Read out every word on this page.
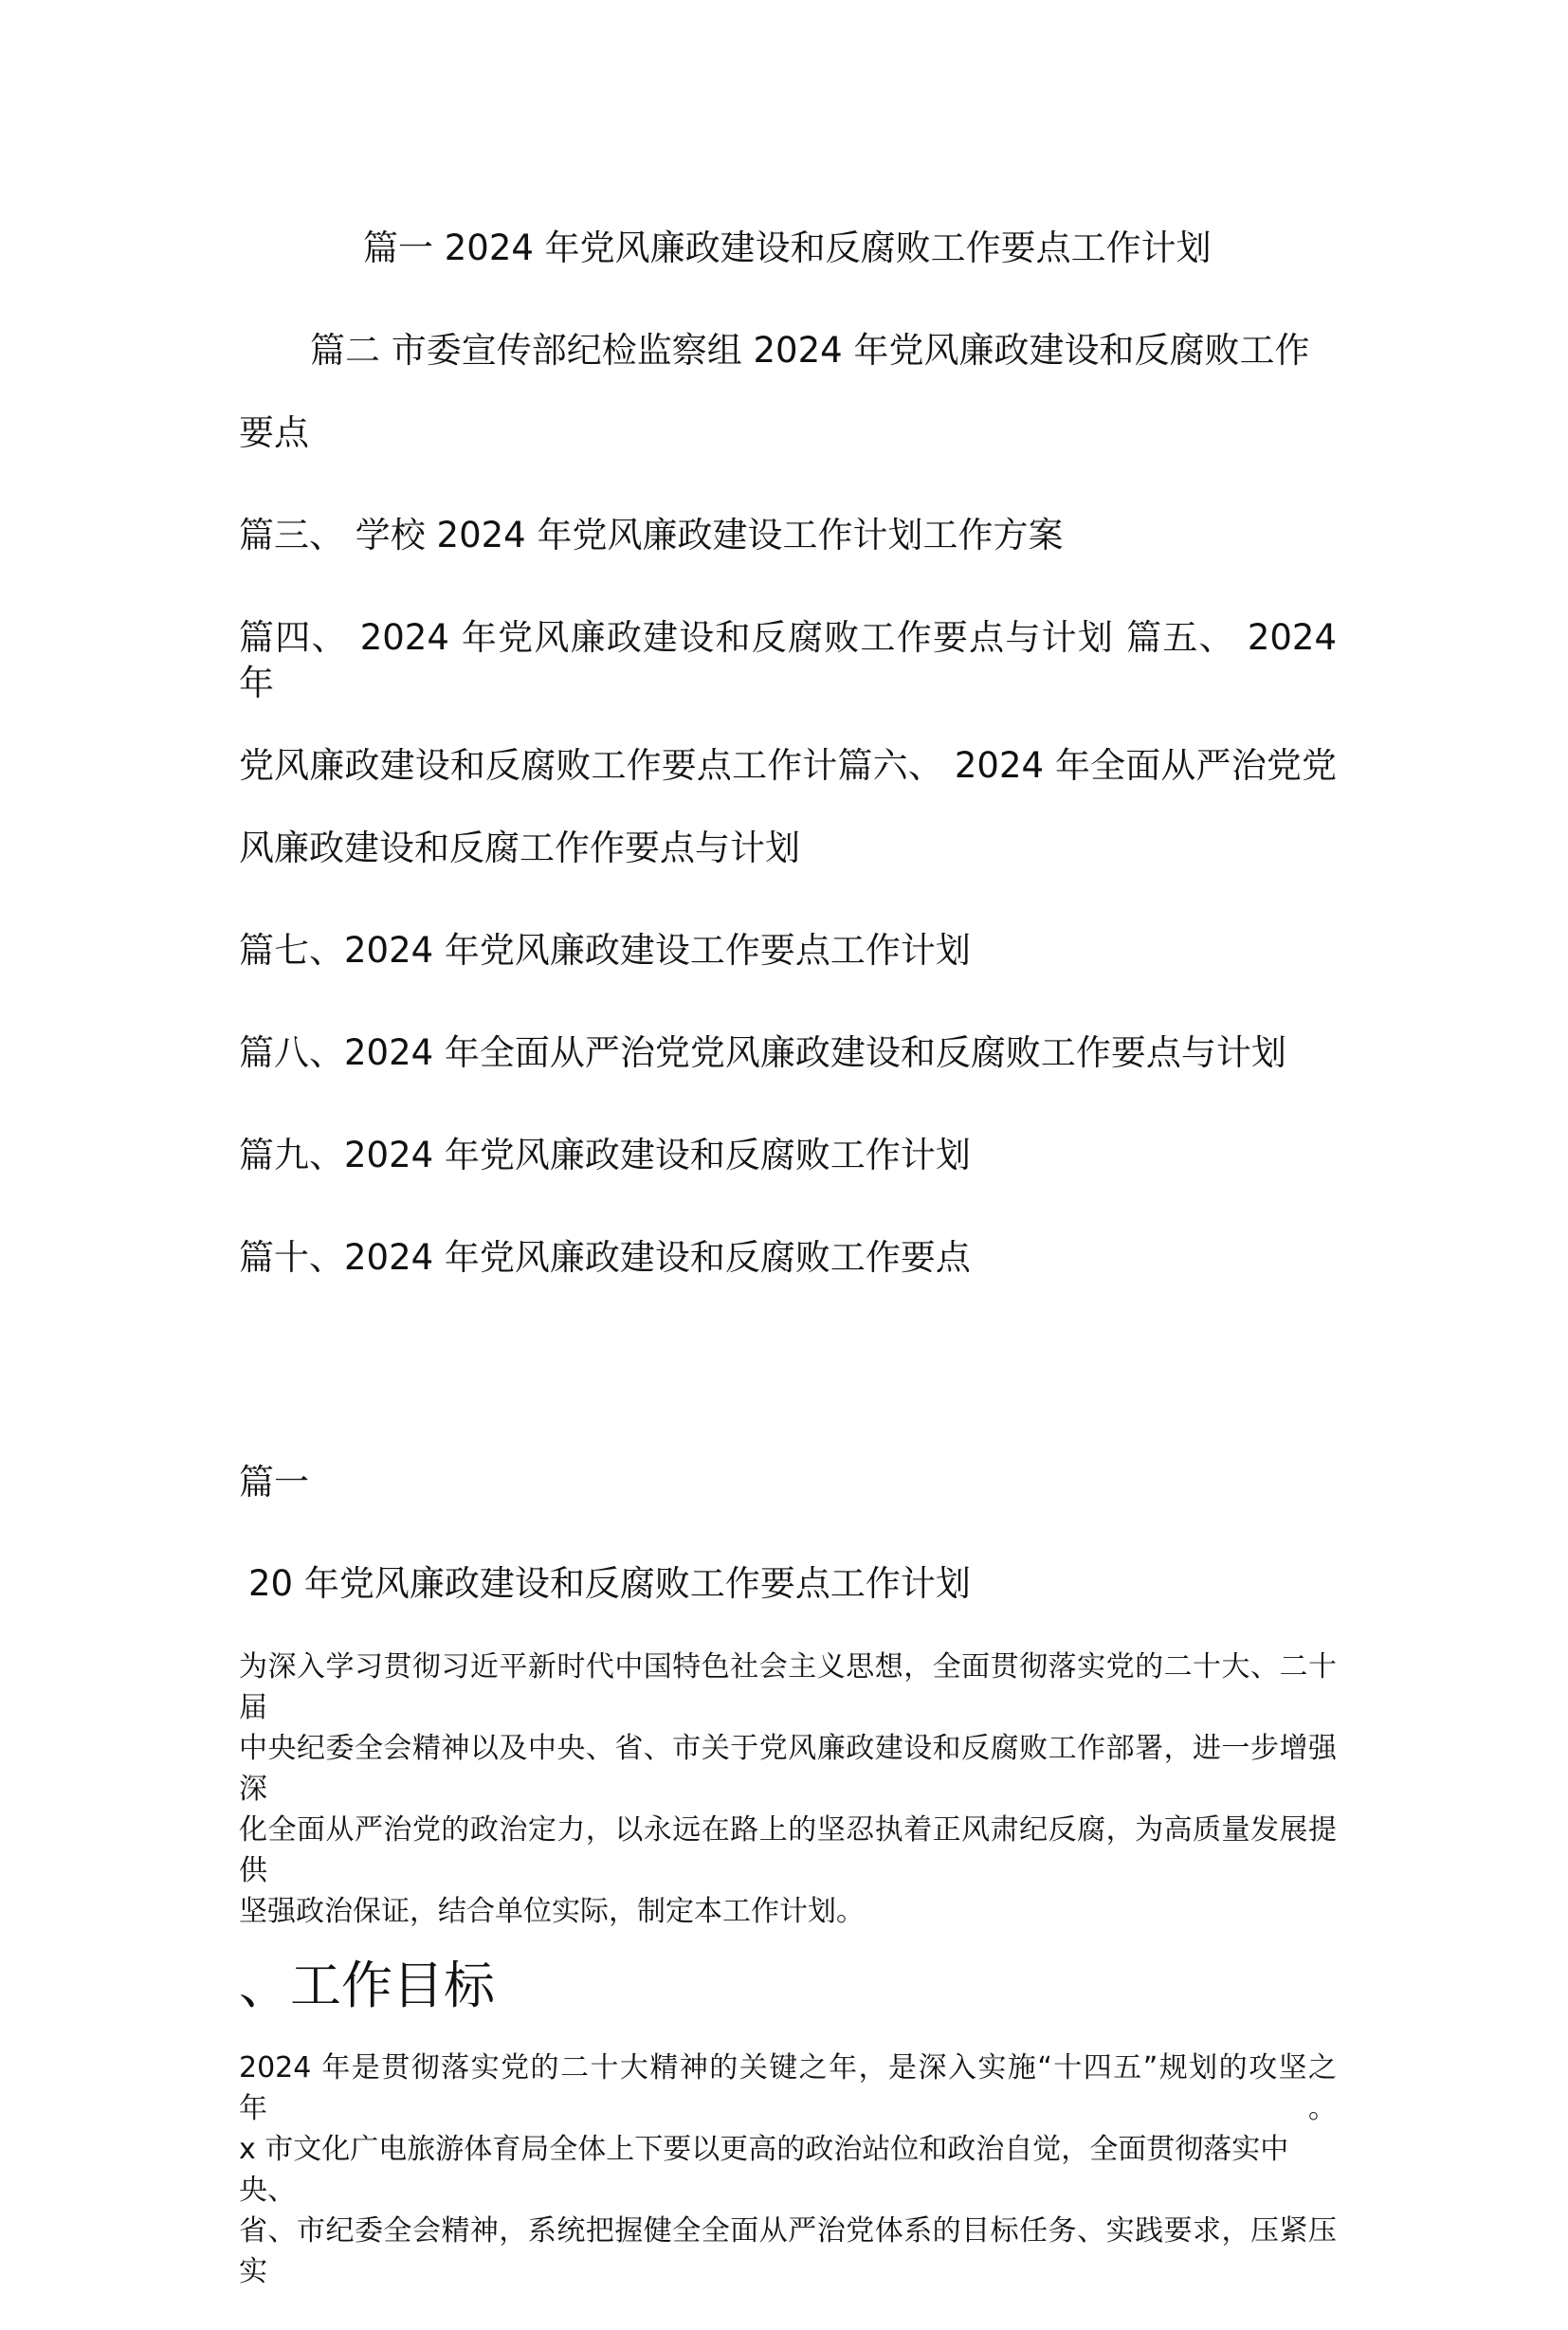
篇一 2024 年党风廉政建设和反腐败工作要点工作计划
篇二 市委宣传部纪检监察组 2024 年党风廉政建设和反腐败工作
要点
篇三、 学校 2024 年党风廉政建设工作计划工作方案
篇四、 2024 年党风廉政建设和反腐败工作要点与计划 篇五、 2024 年
党风廉政建设和反腐败工作要点工作计篇六、 2024 年全面从严治党党
风廉政建设和反腐工作作要点与计划
篇七、2024 年党风廉政建设工作要点工作计划
篇八、2024 年全面从严治党党风廉政建设和反腐败工作要点与计划
篇九、2024 年党风廉政建设和反腐败工作计划
篇十、2024 年党风廉政建设和反腐败工作要点
篇一
20 年党风廉政建设和反腐败工作要点工作计划
为深入学习贯彻习近平新时代中国特色社会主义思想，全面贯彻落实党的二十大、二十届
中央纪委全会精神以及中央、省、市关于党风廉政建设和反腐败工作部署，进一步增强深
化全面从严治党的政治定力，以永远在路上的坚忍执着正风肃纪反腐，为高质量发展提供
坚强政治保证，结合单位实际，制定本工作计划。
、工作目标
2024 年是贯彻落实党的二十大精神的关键之年，是深入实施“十四五”规划的攻坚之年。
x 市文化广电旅游体育局全体上下要以更高的政治站位和政治自觉，全面贯彻落实中央、
省、市纪委全会精神，系统把握健全全面从严治党体系的目标任务、实践要求，压紧压实
